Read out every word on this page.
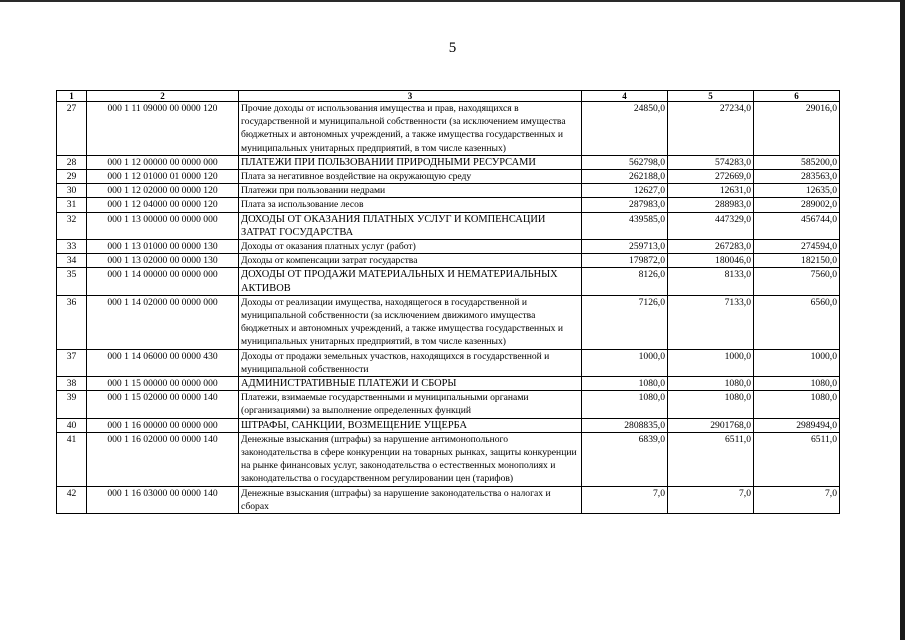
5
1	2	3	4	5	6
27	000 1 11 09000 00 0000 120	Прочие доходы от использования имущества и прав, находящихся в государственной и муниципальной собственности (за исключением имущества бюджетных и автономных учреждений, а также имущества государственных и муниципальных унитарных предприятий, в том числе казенных)	24850,0	27234,0	29016,0
28	000 1 12 00000 00 0000 000	ПЛАТЕЖИ ПРИ ПОЛЬЗОВАНИИ ПРИРОДНЫМИ РЕСУРСАМИ	562798,0	574283,0	585200,0
29	000 1 12 01000 01 0000 120	Плата за негативное воздействие на окружающую среду	262188,0	272669,0	283563,0
30	000 1 12 02000 00 0000 120	Платежи при пользовании недрами	12627,0	12631,0	12635,0
31	000 1 12 04000 00 0000 120	Плата за использование лесов	287983,0	288983,0	289002,0
32	000 1 13 00000 00 0000 000	ДОХОДЫ ОТ ОКАЗАНИЯ ПЛАТНЫХ УСЛУГ И КОМПЕНСАЦИИ ЗАТРАТ ГОСУДАРСТВА	439585,0	447329,0	456744,0
33	000 1 13 01000 00 0000 130	Доходы от оказания платных услуг (работ)	259713,0	267283,0	274594,0
34	000 1 13 02000 00 0000 130	Доходы от компенсации затрат государства	179872,0	180046,0	182150,0
35	000 1 14 00000 00 0000 000	ДОХОДЫ ОТ ПРОДАЖИ МАТЕРИАЛЬНЫХ И НЕМАТЕРИАЛЬНЫХ АКТИВОВ	8126,0	8133,0	7560,0
36	000 1 14 02000 00 0000 000	Доходы от реализации имущества, находящегося в государственной и муниципальной собственности (за исключением движимого имущества бюджетных и автономных учреждений, а также имущества государственных и муниципальных унитарных предприятий, в том числе казенных)	7126,0	7133,0	6560,0
37	000 1 14 06000 00 0000 430	Доходы от продажи земельных участков, находящихся в государственной и муниципальной собственности	1000,0	1000,0	1000,0
38	000 1 15 00000 00 0000 000	АДМИНИСТРАТИВНЫЕ ПЛАТЕЖИ И СБОРЫ	1080,0	1080,0	1080,0
39	000 1 15 02000 00 0000 140	Платежи, взимаемые государственными и муниципальными органами (организациями) за выполнение определенных функций	1080,0	1080,0	1080,0
40	000 1 16 00000 00 0000 000	ШТРАФЫ, САНКЦИИ, ВОЗМЕЩЕНИЕ УЩЕРБА	2808835,0	2901768,0	2989494,0
41	000 1 16 02000 00 0000 140	Денежные взыскания (штрафы) за нарушение антимонопольного законодательства в сфере конкуренции на товарных рынках, защиты конкуренции на рынке финансовых услуг, законодательства о естественных монополиях и законодательства о государственном регулировании цен (тарифов)	6839,0	6511,0	6511,0
42	000 1 16 03000 00 0000 140	Денежные взыскания (штрафы) за нарушение законодательства о налогах и сборах	7,0	7,0	7,0
